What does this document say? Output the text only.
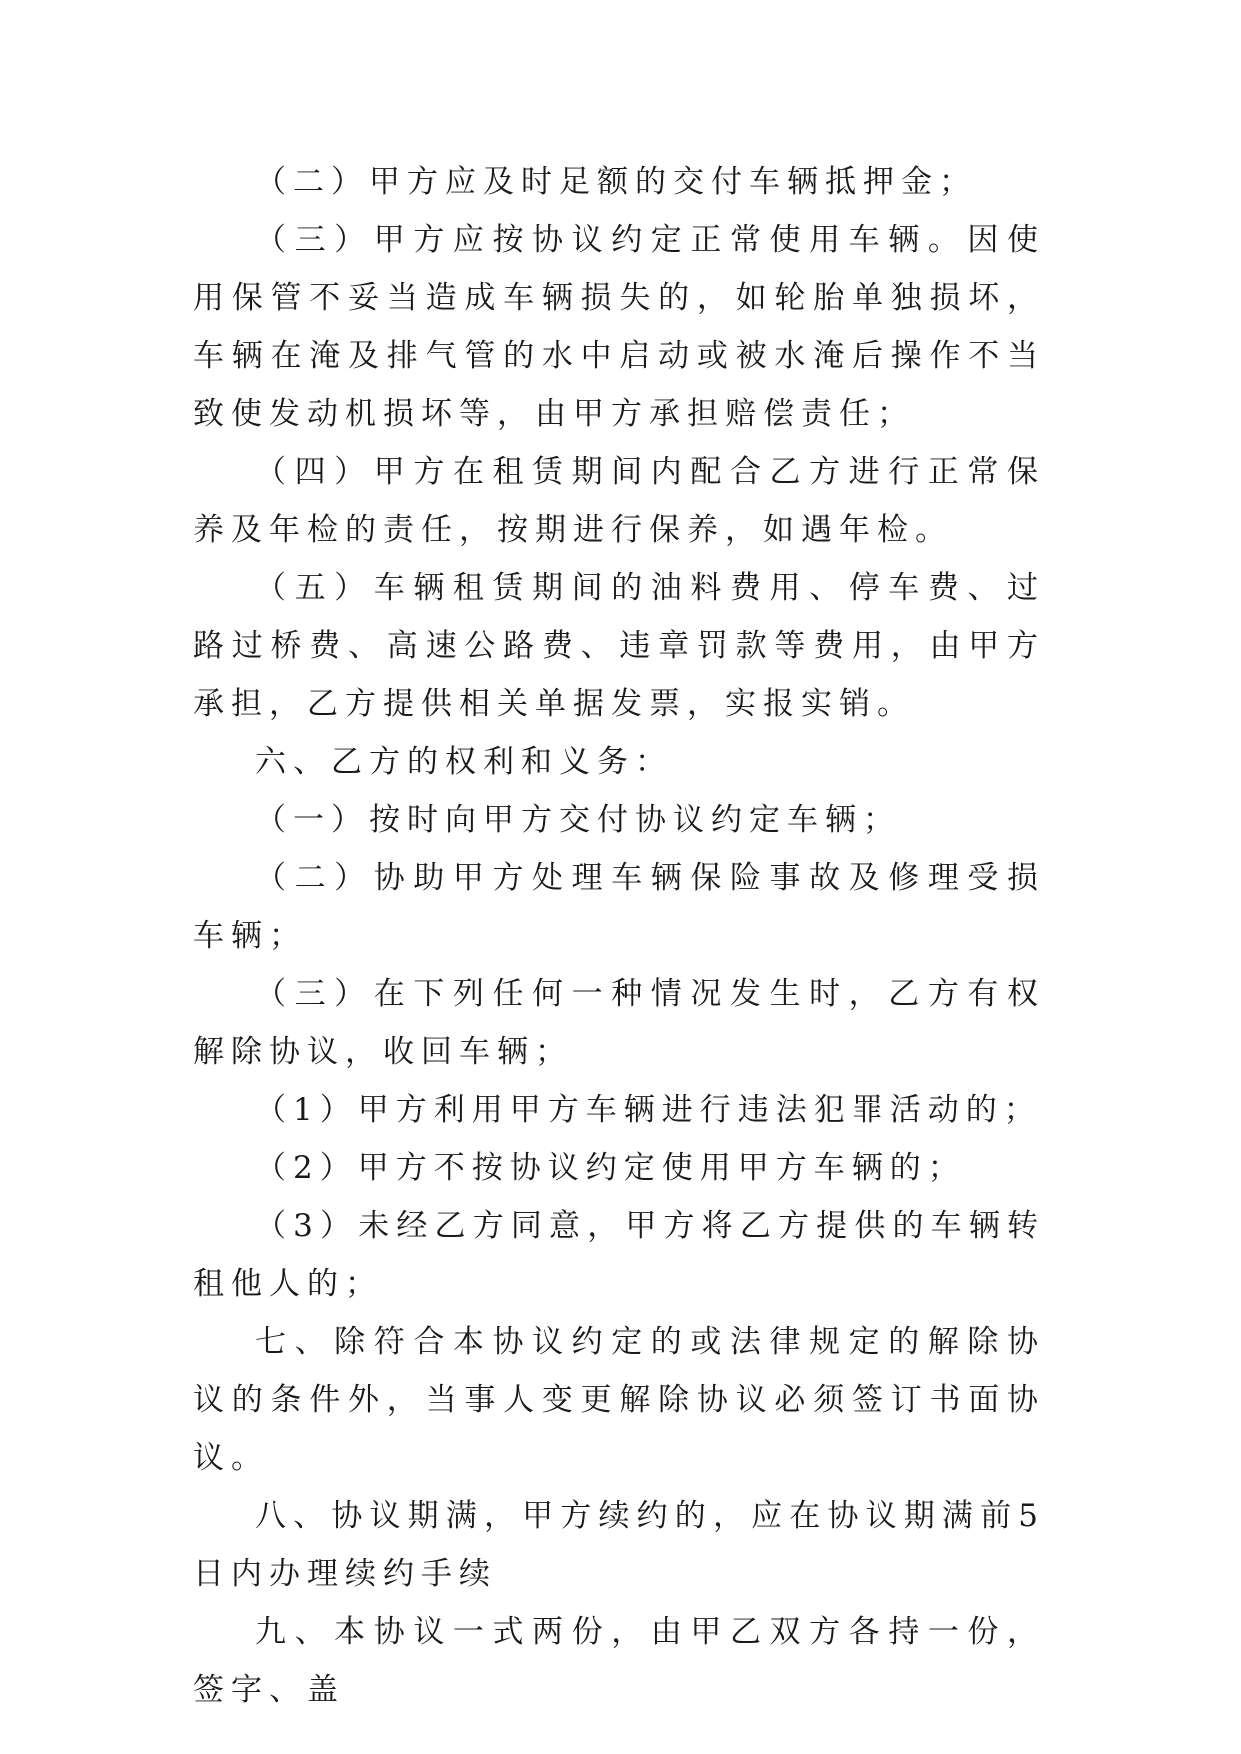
（二）甲方应及时足额的交付车辆抵押金；

（三）甲方应按协议约定正常使用车辆。因使用保管不妥当造成车辆损失的，如轮胎单独损坏，车辆在淹及排气管的水中启动或被水淹后操作不当致使发动机损坏等，由甲方承担赔偿责任；

（四）甲方在租赁期间内配合乙方进行正常保养及年检的责任，按期进行保养，如遇年检。

（五）车辆租赁期间的油料费用、停车费、过路过桥费、高速公路费、违章罚款等费用，由甲方承担，乙方提供相关单据发票，实报实销。

六、乙方的权利和义务：

（一）按时向甲方交付协议约定车辆；

（二）协助甲方处理车辆保险事故及修理受损车辆；

（三）在下列任何一种情况发生时，乙方有权解除协议，收回车辆；

（1）甲方利用甲方车辆进行违法犯罪活动的；

（2）甲方不按协议约定使用甲方车辆的；

（3）未经乙方同意，甲方将乙方提供的车辆转租他人的；

七、除符合本协议约定的或法律规定的解除协议的条件外，当事人变更解除协议必须签订书面协议。

八、协议期满，甲方续约的，应在协议期满前5日内办理续约手续

九、本协议一式两份，由甲乙双方各持一份，签字、盖
